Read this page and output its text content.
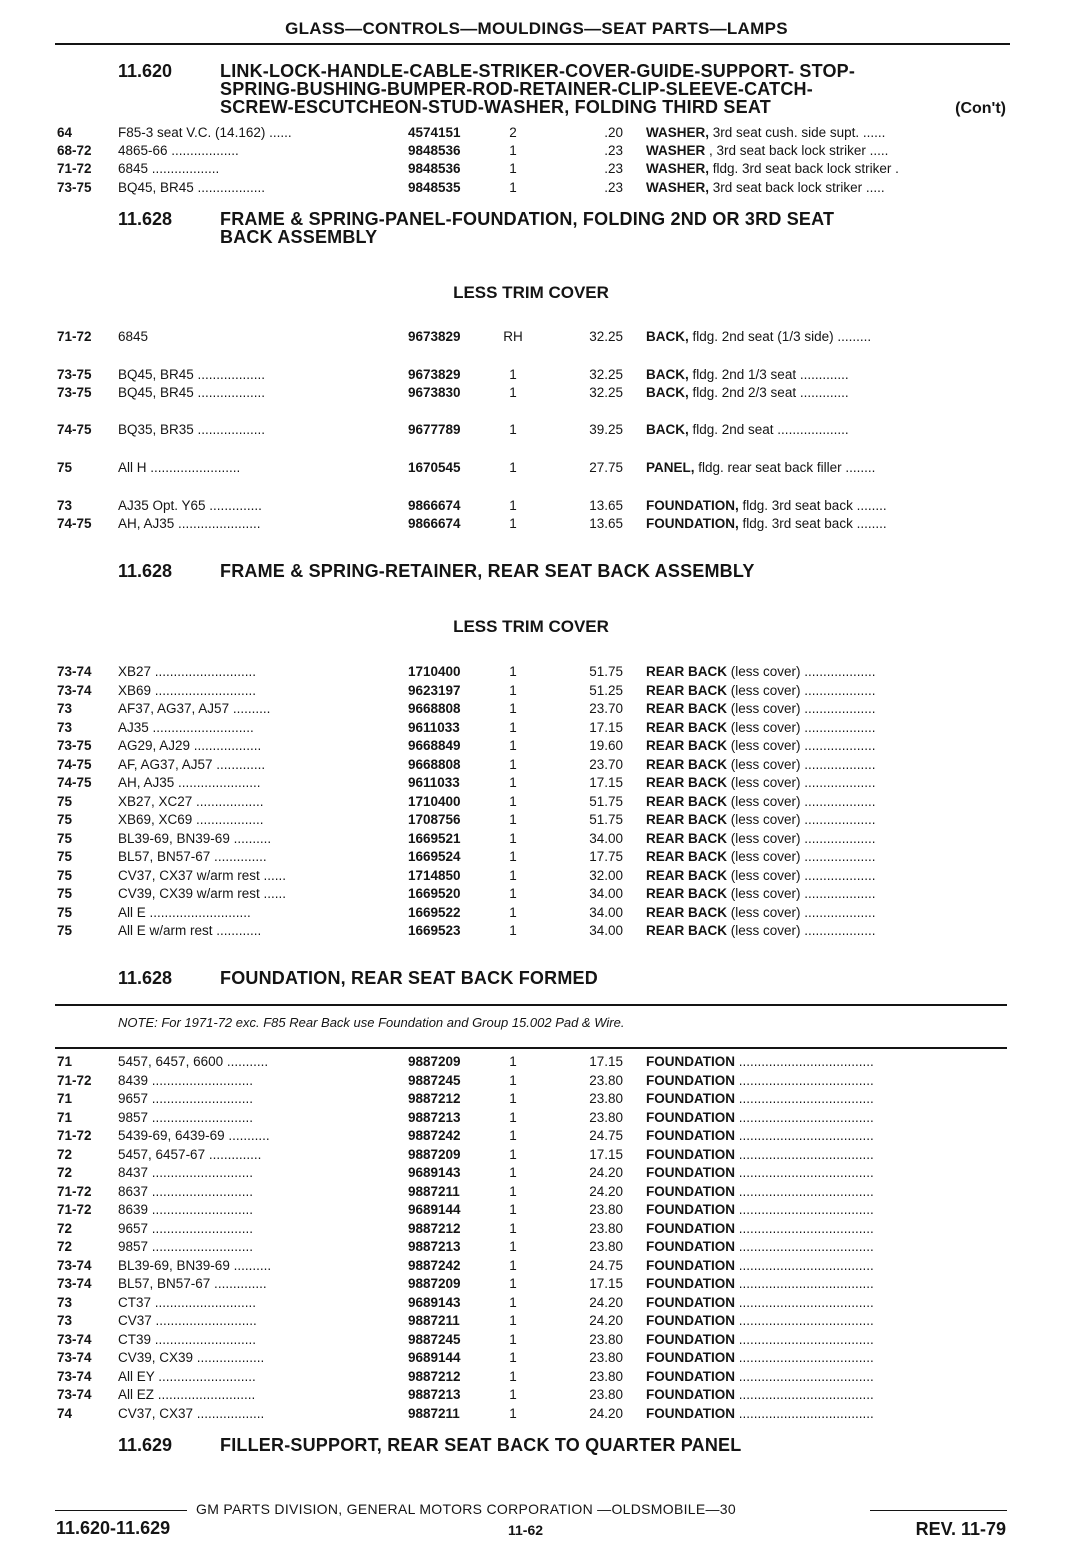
GLASS—CONTROLS—MOULDINGS—SEAT PARTS—LAMPS
11.620	LINK-LOCK-HANDLE-CABLE-STRIKER-COVER-GUIDE-SUPPORT- STOP-
SPRING-BUSHING-BUMPER-ROD-RETAINER-CLIP-SLEEVE-CATCH-
SCREW-ESCUTCHEON-STUD-WASHER, FOLDING THIRD SEAT	(Con't)
64	F85-3 seat V.C. (14.162) ......	4574151	2	.20 WASHER, 3rd seat cush. side supt. ......
68-72 4865-66 ..................	9848536	1	.23 WASHER , 3rd seat back lock striker .....
71-72 6845 ..................	9848536	1	.23 WASHER, fldg. 3rd seat back lock striker .
73-75 BQ45, BR45 ..................	9848535	1	.23 WASHER, 3rd seat back lock striker .....
11.628	FRAME & SPRING-PANEL-FOUNDATION, FOLDING 2ND OR 3RD SEAT
BACK ASSEMBLY
LESS TRIM COVER
71-72 6845	9673829	RH	32.25 BACK, fldg. 2nd seat (1/3 side) .........
73-75 BQ45, BR45 ..................	9673829	1	32.25 BACK, fldg. 2nd 1/3 seat .............
73-75 BQ45, BR45 ..................	9673830	1	32.25 BACK, fldg. 2nd 2/3 seat .............
74-75 BQ35, BR35 ..................	9677789	1	39.25 BACK, fldg. 2nd seat ...................
75	All H ........................	1670545	1	27.75 PANEL, fldg. rear seat back filler ........
73	AJ35 Opt. Y65 ..............	9866674	1	13.65 FOUNDATION, fldg. 3rd seat back ........
74-75 AH, AJ35 ......................	9866674	1	13.65 FOUNDATION, fldg. 3rd seat back ........
11.628	FRAME & SPRING-RETAINER, REAR SEAT BACK ASSEMBLY
LESS TRIM COVER
73-74 XB27 ...........................	1710400	1	51.75 REAR BACK (less cover) ...................
73-74 XB69 ...........................	9623197	1	51.25 REAR BACK (less cover) ...................
73	AF37, AG37, AJ57 ..........	9668808	1	23.70 REAR BACK (less cover) ...................
73	AJ35 ...........................	9611033	1	17.15 REAR BACK (less cover) ...................
73-75 AG29, AJ29 ..................	9668849	1	19.60 REAR BACK (less cover) ...................
74-75 AF, AG37, AJ57 .............	9668808	1	23.70 REAR BACK (less cover) ...................
74-75 AH, AJ35 ......................	9611033	1	17.15 REAR BACK (less cover) ...................
75	XB27, XC27 ..................	1710400	1	51.75 REAR BACK (less cover) ...................
75	XB69, XC69 ..................	1708756	1	51.75 REAR BACK (less cover) ...................
75	BL39-69, BN39-69 ..........	1669521	1	34.00 REAR BACK (less cover) ...................
75	BL57, BN57-67 ..............	1669524	1	17.75 REAR BACK (less cover) ...................
75	CV37, CX37 w/arm rest ......	1714850	1	32.00 REAR BACK (less cover) ...................
75	CV39, CX39 w/arm rest ......	1669520	1	34.00 REAR BACK (less cover) ...................
75	All E ...........................	1669522	1	34.00 REAR BACK (less cover) ...................
75	All E w/arm rest ............	1669523	1	34.00 REAR BACK (less cover) ...................
11.628	FOUNDATION, REAR SEAT BACK FORMED
NOTE: For 1971-72 exc. F85 Rear Back use Foundation and Group 15.002 Pad & Wire.
71	5457, 6457, 6600 ...........	9887209	1	17.15 FOUNDATION ....................................
71-72 8439 ...........................	9887245	1	23.80 FOUNDATION ....................................
71	9657 ...........................	9887212	1	23.80 FOUNDATION ....................................
71	9857 ...........................	9887213	1	23.80 FOUNDATION ....................................
71-72 5439-69, 6439-69 ...........	9887242	1	24.75 FOUNDATION ....................................
72	5457, 6457-67 ..............	9887209	1	17.15 FOUNDATION ....................................
72	8437 ...........................	9689143	1	24.20 FOUNDATION ....................................
71-72 8637 ...........................	9887211	1	24.20 FOUNDATION ....................................
71-72 8639 ...........................	9689144	1	23.80 FOUNDATION ....................................
72	9657 ...........................	9887212	1	23.80 FOUNDATION ....................................
72	9857 ...........................	9887213	1	23.80 FOUNDATION ....................................
73-74 BL39-69, BN39-69 ..........	9887242	1	24.75 FOUNDATION ....................................
73-74 BL57, BN57-67 ..............	9887209	1	17.15 FOUNDATION ....................................
73	CT37 ...........................	9689143	1	24.20 FOUNDATION ....................................
73	CV37 ...........................	9887211	1	24.20 FOUNDATION ....................................
73-74 CT39 ...........................	9887245	1	23.80 FOUNDATION ....................................
73-74 CV39, CX39 ..................	9689144	1	23.80 FOUNDATION ....................................
73-74 All EY ..........................	9887212	1	23.80 FOUNDATION ....................................
73-74 All EZ ..........................	9887213	1	23.80 FOUNDATION ....................................
74	CV37, CX37 ..................	9887211	1	24.20 FOUNDATION ....................................
11.629	FILLER-SUPPORT, REAR SEAT BACK TO QUARTER PANEL
GM PARTS DIVISION, GENERAL MOTORS CORPORATION —OLDSMOBILE—30
11.620-11.629	11-62	REV. 11-79
